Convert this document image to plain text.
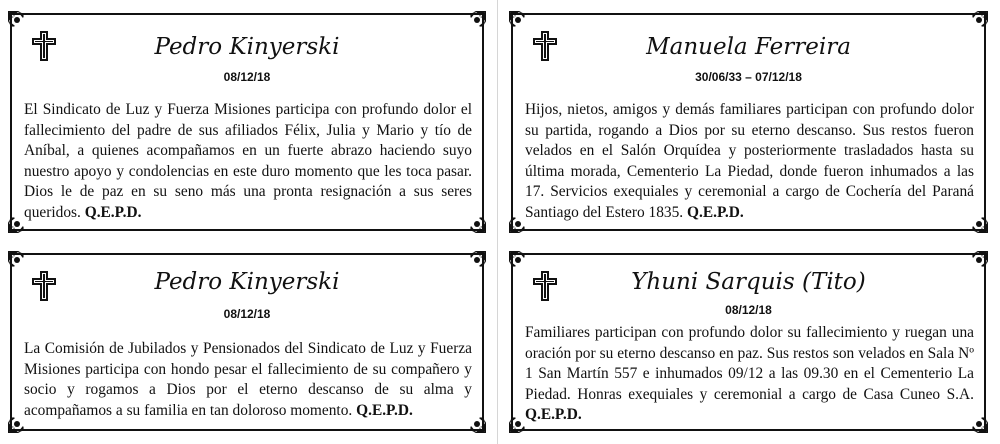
Pedro Kinyerski
08/12/18
El Sindicato de Luz y Fuerza Misiones participa con profundo dolor el fallecimiento del padre de sus afiliados Félix, Julia y Mario y tío de Aníbal, a quienes acompañamos en un fuerte abrazo haciendo suyo nuestro apoyo y condolencias en este duro momento que les toca pasar. Dios le de paz en su seno más una pronta resignación a sus seres queridos. Q.E.P.D.
Manuela Ferreira
30/06/33 – 07/12/18
Hijos, nietos, amigos y demás familiares participan con profundo dolor su partida, rogando a Dios por su eterno descanso. Sus restos fueron velados en el Salón Orquídea y posteriormente trasladados hasta su última morada, Cementerio La Piedad, donde fueron inhumados a las 17. Servicios exequiales y ceremonial a cargo de Cochería del Paraná Santiago del Estero 1835. Q.E.P.D.
Pedro Kinyerski
08/12/18
La Comisión de Jubilados y Pensionados del Sindicato de Luz y Fuerza Misiones participa con hondo pesar el fallecimiento de su compañero y socio y rogamos a Dios por el eterno descanso de su alma y acompañamos a su familia en tan doloroso momento. Q.E.P.D.
Yhuni Sarquis (Tito)
08/12/18
Familiares participan con profundo dolor su fallecimiento y ruegan una oración por su eterno descanso en paz. Sus restos son velados en Sala Nº 1 San Martín 557 e inhumados 09/12 a las 09.30 en el Cementerio La Piedad. Honras exequiales y ceremonial a cargo de Casa Cuneo S.A. Q.E.P.D.
